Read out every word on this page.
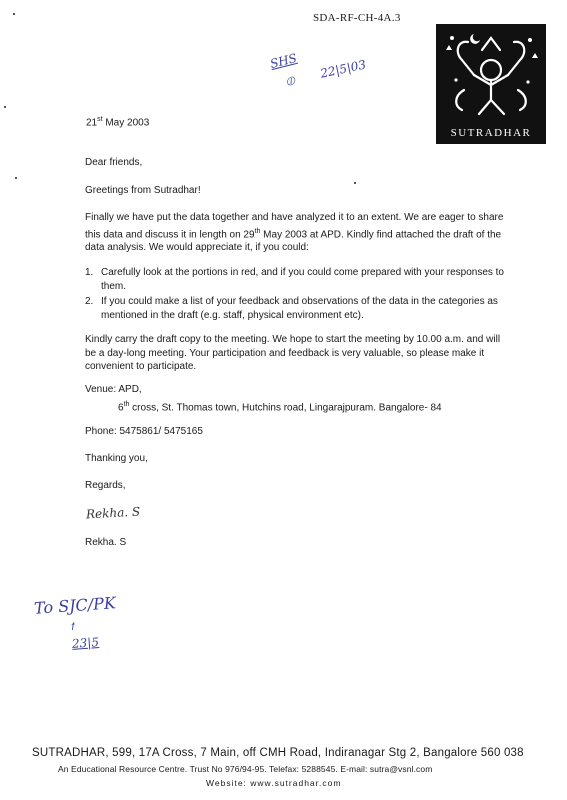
SDA-RF-CH-4A.3
SUTRADHAR
SHS
⦶
22|5|03
21st May 2003
Dear friends,
Greetings from Sutradhar!
Finally we have put the data together and have analyzed it to an extent. We are eager to share this data and discuss it in length on 29th May 2003 at APD. Kindly find attached the draft of the data analysis. We would appreciate it, if you could:
1. Carefully look at the portions in red, and if you could come prepared with your responses to them.
2. If you could make a list of your feedback and observations of the data in the categories as mentioned in the draft (e.g. staff, physical environment etc).
Kindly carry the draft copy to the meeting. We hope to start the meeting by 10.00 a.m. and will be a day-long meeting. Your participation and feedback is very valuable, so please make it convenient to participate.
Venue: APD,
6th cross, St. Thomas town, Hutchins road, Lingarajpuram. Bangalore- 84
Phone: 5475861/ 5475165
Thanking you,
Regards,
Rekha. S
Rekha. S
To SJC/PK
ꝉ
23|5
SUTRADHAR, 599, 17A Cross, 7 Main, off CMH Road, Indiranagar Stg 2, Bangalore 560 038
An Educational Resource Centre. Trust No 976/94-95. Telefax: 5288545. E-mail: sutra@vsnl.com
Website: www.sutradhar.com
